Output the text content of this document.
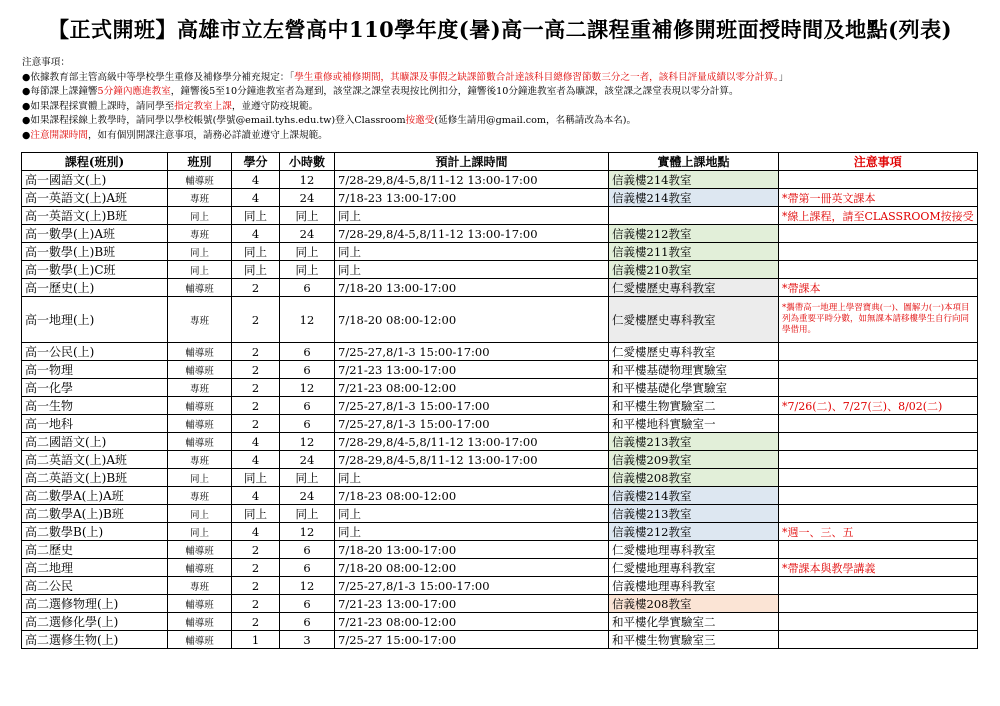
【正式開班】高雄市立左營高中110學年度(暑)高一高二課程重補修開班面授時間及地點(列表)
注意事項：
●依據教育部主管高級中等學校學生重修及補修學分補充規定：「學生重修或補修期間，其曠課及事假之缺課節數合計達該科目總修習節數三分之一者，該科目評量成績以零分計算。」
●每節課上課鐘響5分鐘內應進教室，鐘響後5至10分鐘進教室者為遲到，該堂課之課堂表現按比例扣分，鐘響後10分鐘進教室者為曠課，該堂課之課堂表現以零分計算。
●如果課程採實體上課時，請同學至指定教室上課，並遵守防疫規範。
●如果課程採線上教學時，請同學以學校帳號(學號@email.tyhs.edu.tw)登入Classroom按邀受(延修生請用@gmail.com，名稱請改為本名)。
●注意開課時間，如有個別開課注意事項，請務必詳讀並遵守上課規範。
課程(班別)	班別	學分	小時數	預計上課時間	實體上課地點	注意事項
高一國語文(上)	輔導班	4	12	7/28-29,8/4-5,8/11-12 13:00-17:00	信義樓214教室	
高一英語文(上)A班	專班	4	24	7/18-23 13:00-17:00	信義樓214教室	*帶第一冊英文課本
高一英語文(上)B班	同上	同上	同上	同上		*線上課程，請至CLASSROOM按接受
高一數學(上)A班	專班	4	24	7/28-29,8/4-5,8/11-12 13:00-17:00	信義樓212教室	
高一數學(上)B班	同上	同上	同上	同上	信義樓211教室	
高一數學(上)C班	同上	同上	同上	同上	信義樓210教室	
高一歷史(上)	輔導班	2	6	7/18-20 13:00-17:00	仁愛樓歷史專科教室	*帶課本
高一地理(上)	專班	2	12	7/18-20 08:00-12:00	仁愛樓歷史專科教室	*攜帶高一地理上學習寶典(一)、圖解力(一)本項目列為重要平時分數，如無課本請移樓學生自行向同學借用。
高一公民(上)	輔導班	2	6	7/25-27,8/1-3 15:00-17:00	仁愛樓歷史專科教室	
高一物理	輔導班	2	6	7/21-23 13:00-17:00	和平樓基礎物理實驗室	
高一化學	專班	2	12	7/21-23 08:00-12:00	和平樓基礎化學實驗室	
高一生物	輔導班	2	6	7/25-27,8/1-3 15:00-17:00	和平樓生物實驗室二	*7/26(二)、7/27(三)、8/02(二)
高一地科	輔導班	2	6	7/25-27,8/1-3 15:00-17:00	和平樓地科實驗室一	
高二國語文(上)	輔導班	4	12	7/28-29,8/4-5,8/11-12 13:00-17:00	信義樓213教室	
高二英語文(上)A班	專班	4	24	7/28-29,8/4-5,8/11-12 13:00-17:00	信義樓209教室	
高二英語文(上)B班	同上	同上	同上	同上	信義樓208教室	
高二數學A(上)A班	專班	4	24	7/18-23 08:00-12:00	信義樓214教室	
高二數學A(上)B班	同上	同上	同上	同上	信義樓213教室	
高二數學B(上)	同上	4	12	同上	信義樓212教室	*週一、三、五
高二歷史	輔導班	2	6	7/18-20 13:00-17:00	仁愛樓地理專科教室	
高二地理	輔導班	2	6	7/18-20 08:00-12:00	仁愛樓地理專科教室	*帶課本與教學講義
高二公民	專班	2	12	7/25-27,8/1-3 15:00-17:00	信義樓地理專科教室	
高二選修物理(上)	輔導班	2	6	7/21-23 13:00-17:00	信義樓208教室	
高二選修化學(上)	輔導班	2	6	7/21-23 08:00-12:00	和平樓化學實驗室二	
高二選修生物(上)	輔導班	1	3	7/25-27 15:00-17:00	和平樓生物實驗室三	
